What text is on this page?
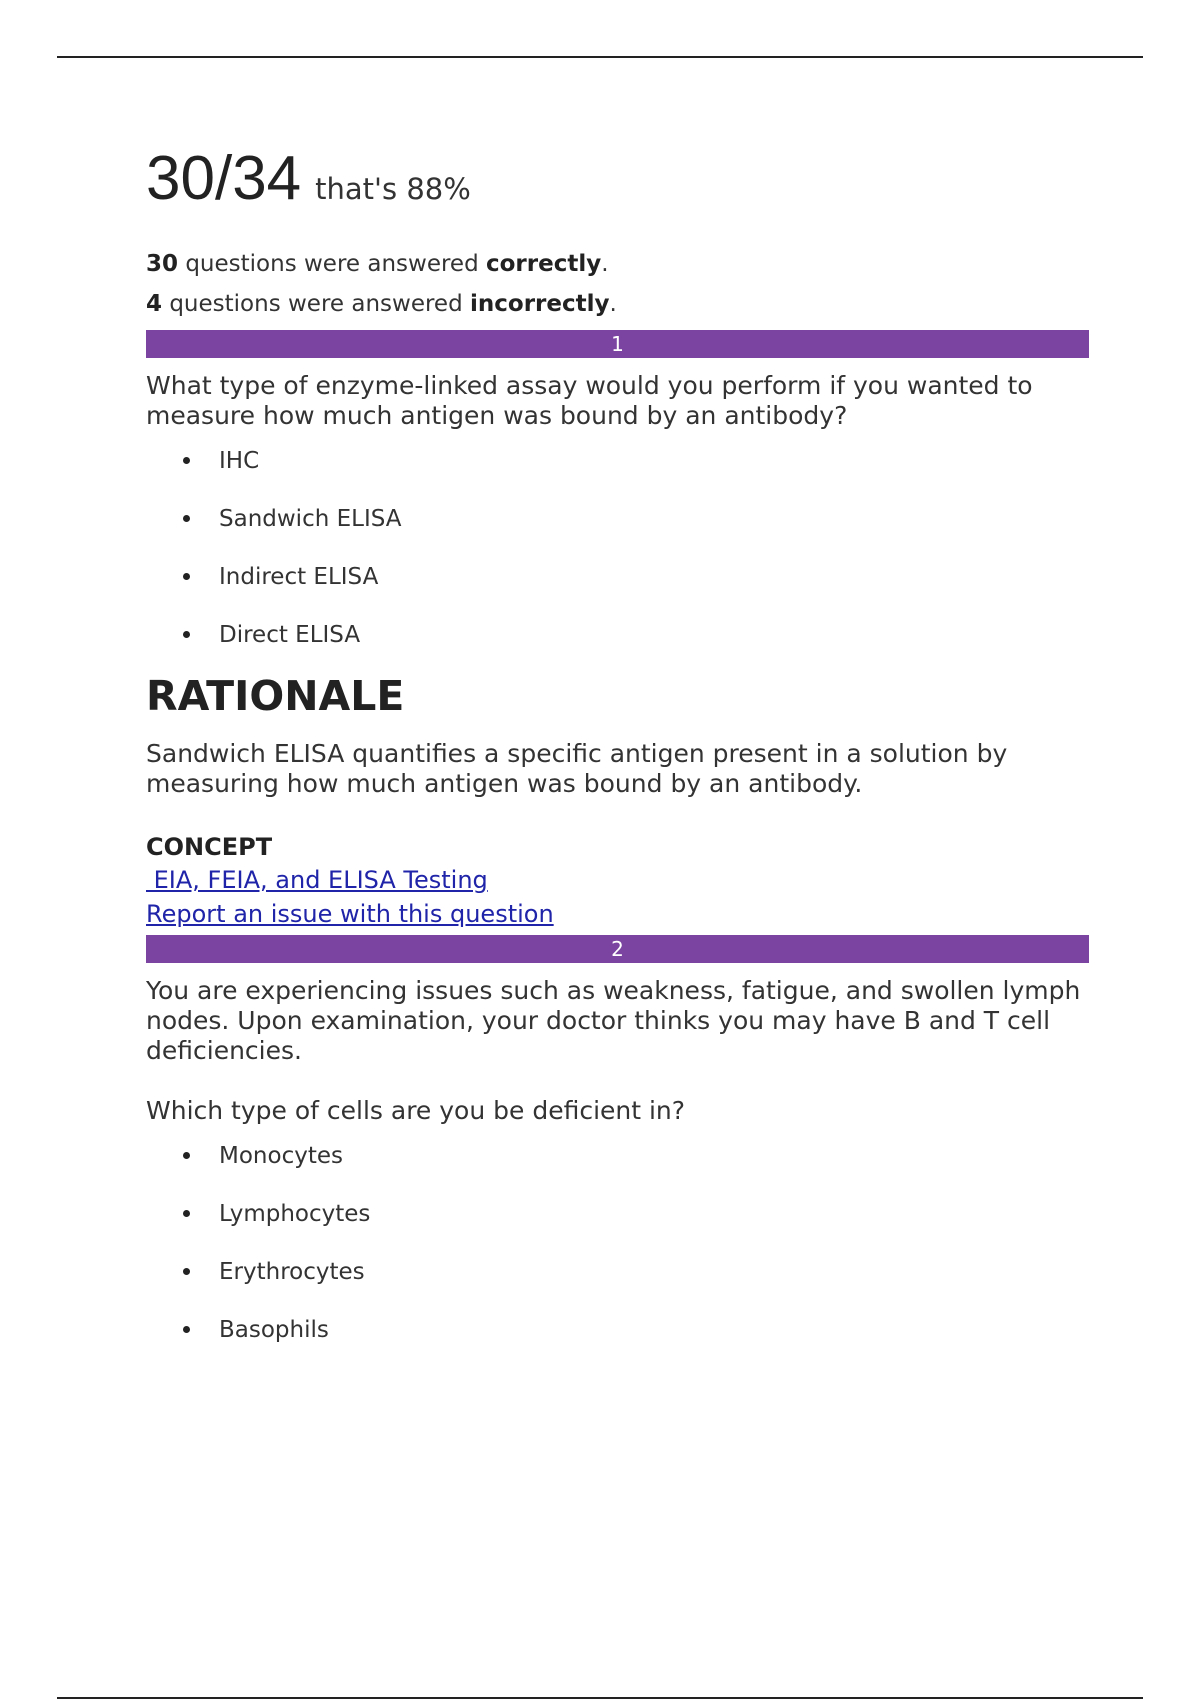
30/34 that's 88%
30 questions were answered correctly.
4 questions were answered incorrectly.
1

What type of enzyme-linked assay would you perform if you wanted to measure how much antigen was bound by an antibody?

IHC
Sandwich ELISA
Indirect ELISA
Direct ELISA
RATIONALE
Sandwich ELISA quantifies a specific antigen present in a solution by measuring how much antigen was bound by an antibody.
CONCEPT
EIA, FEIA, and ELISA Testing
Report an issue with this question
2

You are experiencing issues such as weakness, fatigue, and swollen lymph nodes. Upon examination, your doctor thinks you may have B and T cell deficiencies.

Which type of cells are you be deficient in?

Monocytes
Lymphocytes
Erythrocytes
Basophils
